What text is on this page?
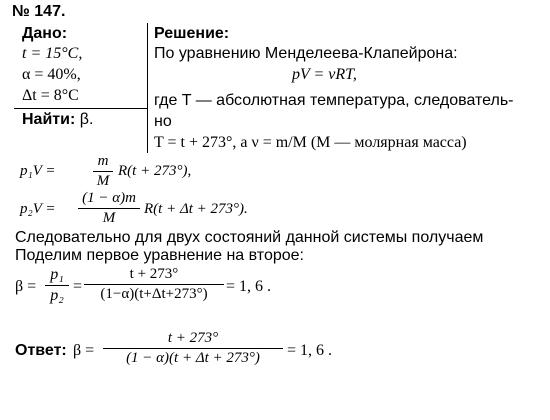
№ 147.
Дано:
t = 15°C,
α = 40%,
Δt = 8°C
Найти: β.
Решение:
По уравнению Менделеева-Клапейрона:
pV = νRT,
где T — абсолютная температура, следователь-
но
T = t + 273°, а ν = m/M (M — молярная масса)
p₁V =
m
M
R(t + 273°),
p₂V =
(1 − α)m
M
R(t + Δt + 273°).
Следовательно для двух состояний данной системы получаем
Поделим первое уравнение на второе:
β =
p₁
p₂
=
t + 273°
(1−α)(t+Δt+273°)	= 1, 6 .
Ответ: β =
t + 273°
(1 − α)(t + Δt + 273°)	= 1, 6 .
